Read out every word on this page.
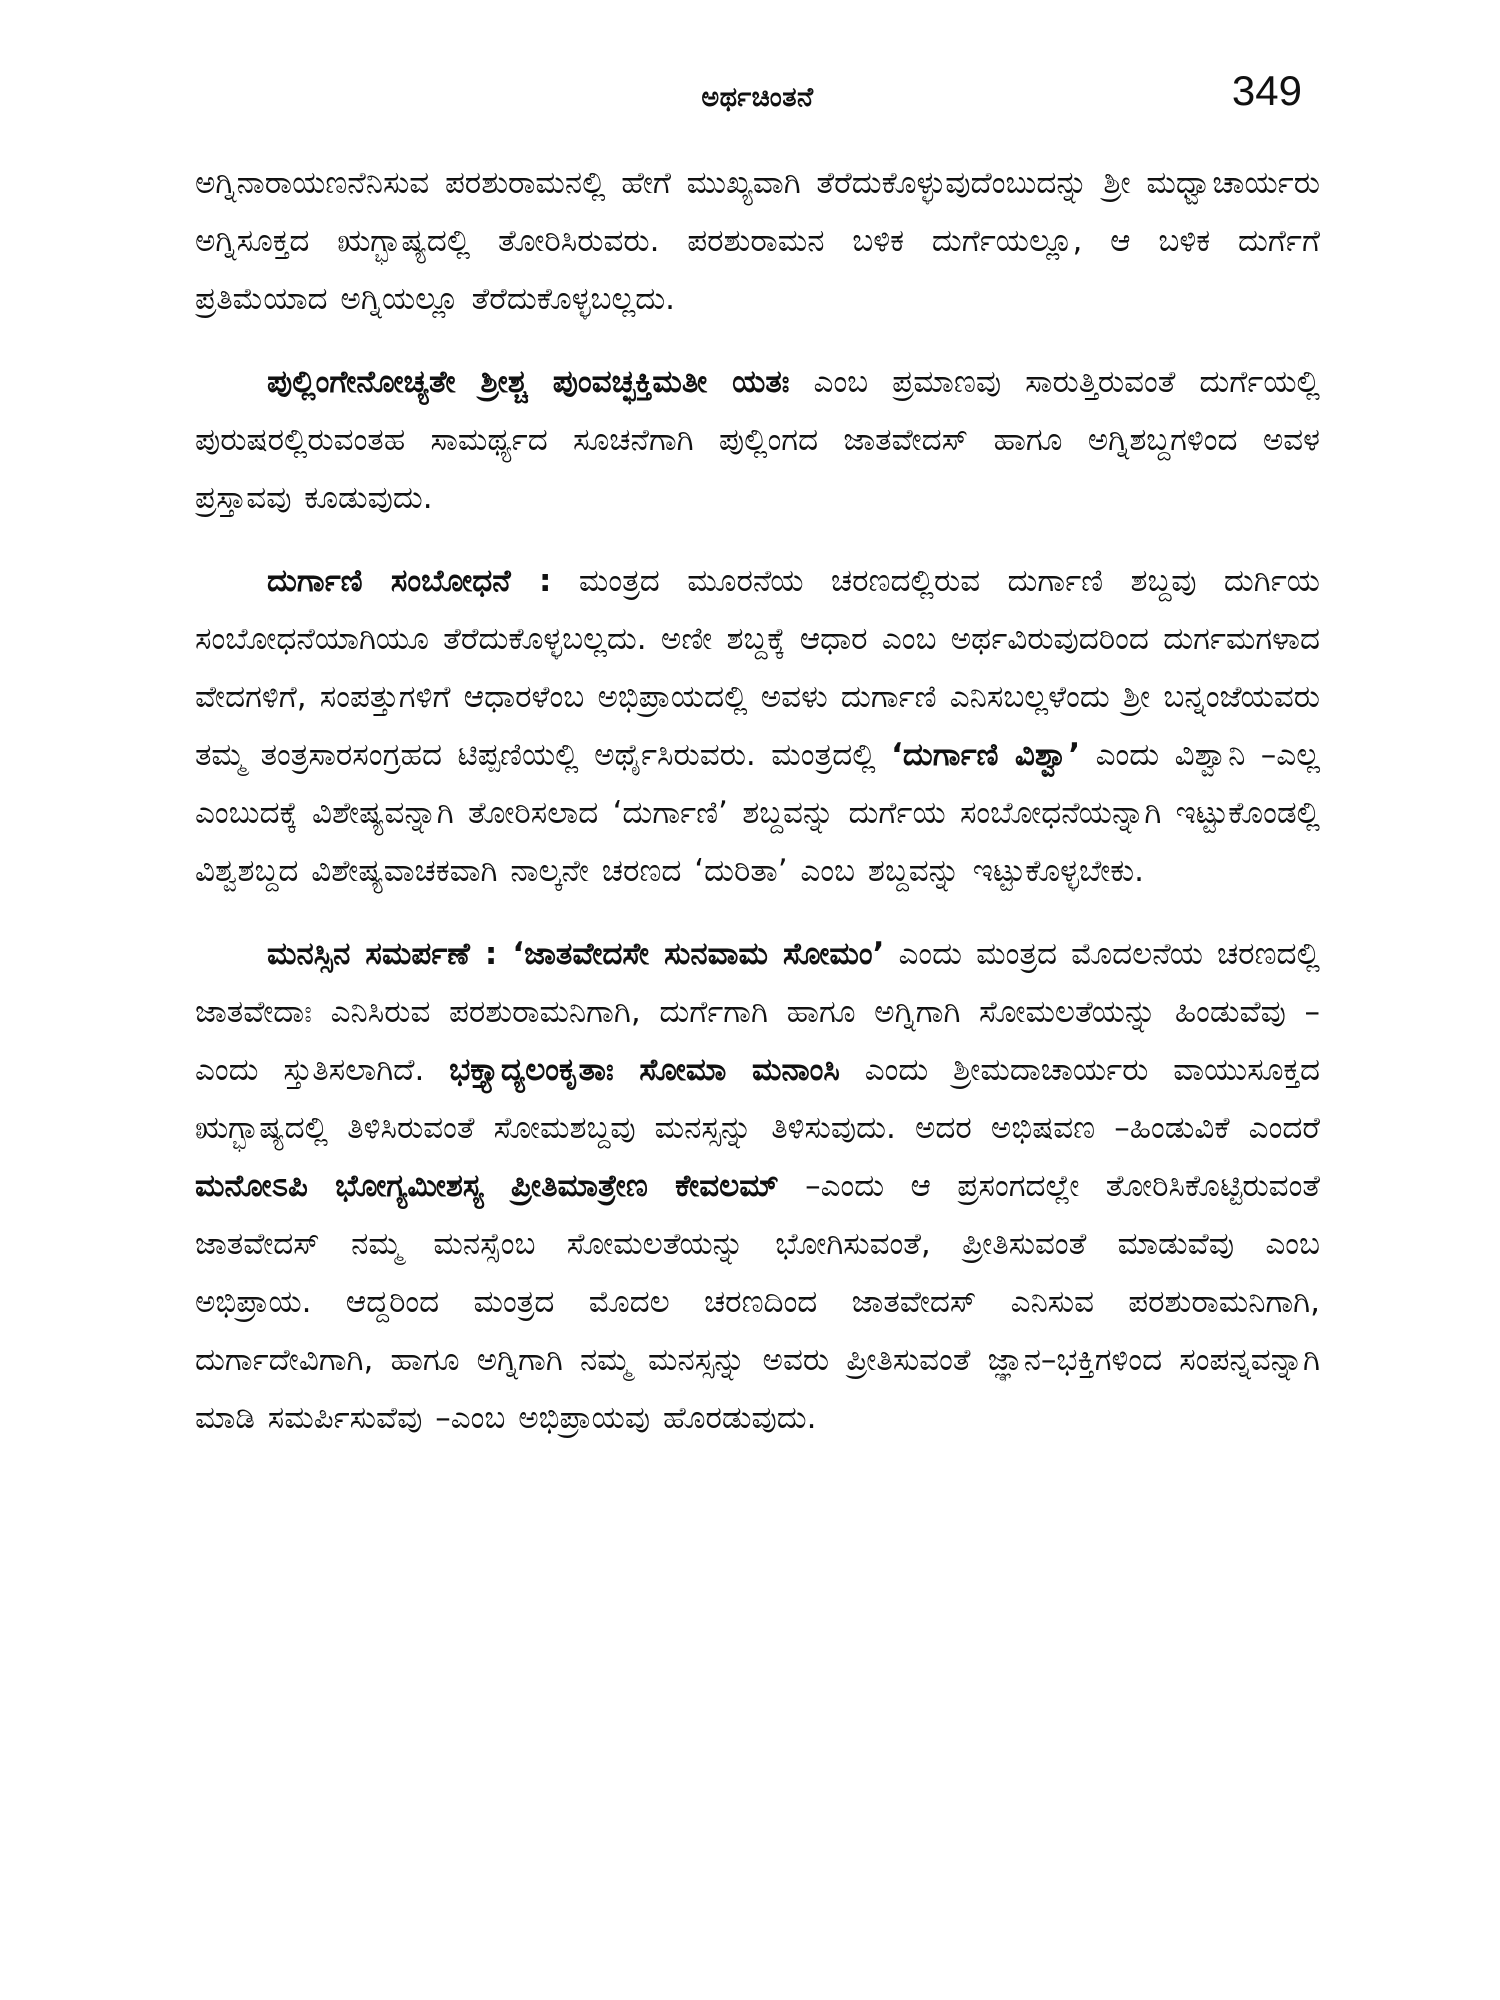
ಅರ್ಥಚಿಂತನೆ	349

ಅಗ್ನಿನಾರಾಯಣನೆನಿಸುವ ಪರಶುರಾಮನಲ್ಲಿ ಹೇಗೆ ಮುಖ್ಯವಾಗಿ ತೆರೆದುಕೊಳ್ಳುವುದೆಂಬುದನ್ನು ಶ್ರೀ ಮಧ್ವಾಚಾರ್ಯರು ಅಗ್ನಿಸೂಕ್ತದ ಋಗ್ಭಾಷ್ಯದಲ್ಲಿ ತೋರಿಸಿರುವರು. ಪರಶುರಾಮನ ಬಳಿಕ ದುರ್ಗೆಯಲ್ಲೂ, ಆ ಬಳಿಕ ದುರ್ಗೆಗೆ ಪ್ರತಿಮೆಯಾದ ಅಗ್ನಿಯಲ್ಲೂ ತೆರೆದುಕೊಳ್ಳಬಲ್ಲದು.

ಪುಲ್ಲಿಂಗೇನೋಚ್ಯತೇ ಶ್ರೀಶ್ಚ ಪುಂವಚ್ಛಕ್ತಿಮತೀ ಯತಃ ಎಂಬ ಪ್ರಮಾಣವು ಸಾರುತ್ತಿರುವಂತೆ ದುರ್ಗೆಯಲ್ಲಿ ಪುರುಷರಲ್ಲಿರುವಂತಹ ಸಾಮರ್ಥ್ಯದ ಸೂಚನೆಗಾಗಿ ಪುಲ್ಲಿಂಗದ ಜಾತವೇದಸ್ ಹಾಗೂ ಅಗ್ನಿಶಬ್ದಗಳಿಂದ ಅವಳ ಪ್ರಸ್ತಾವವು ಕೂಡುವುದು.

ದುರ್ಗಾಣಿ ಸಂಬೋಧನೆ : ಮಂತ್ರದ ಮೂರನೆಯ ಚರಣದಲ್ಲಿರುವ ದುರ್ಗಾಣಿ ಶಬ್ದವು ದುರ್ಗಿಯ ಸಂಬೋಧನೆಯಾಗಿಯೂ ತೆರೆದುಕೊಳ್ಳಬಲ್ಲದು. ಅಣೀ ಶಬ್ದಕ್ಕೆ ಆಧಾರ ಎಂಬ ಅರ್ಥವಿರುವುದರಿಂದ ದುರ್ಗಮಗಳಾದ ವೇದಗಳಿಗೆ, ಸಂಪತ್ತುಗಳಿಗೆ ಆಧಾರಳೆಂಬ ಅಭಿಪ್ರಾಯದಲ್ಲಿ ಅವಳು ದುರ್ಗಾಣಿ ಎನಿಸಬಲ್ಲಳೆಂದು ಶ್ರೀ ಬನ್ನಂಜೆಯವರು ತಮ್ಮ ತಂತ್ರಸಾರಸಂಗ್ರಹದ ಟಿಪ್ಪಣಿಯಲ್ಲಿ ಅರ್ಥೈಸಿರುವರು. ಮಂತ್ರದಲ್ಲಿ ‘ದುರ್ಗಾಣಿ ವಿಶ್ವಾ’ ಎಂದು ವಿಶ್ವಾನಿ –ಎಲ್ಲ ಎಂಬುದಕ್ಕೆ ವಿಶೇಷ್ಯವನ್ನಾಗಿ ತೋರಿಸಲಾದ ‘ದುರ್ಗಾಣಿ’ ಶಬ್ದವನ್ನು ದುರ್ಗೆಯ ಸಂಬೋಧನೆಯನ್ನಾಗಿ ಇಟ್ಟುಕೊಂಡಲ್ಲಿ ವಿಶ್ವಶಬ್ದದ ವಿಶೇಷ್ಯವಾಚಕವಾಗಿ ನಾಲ್ಕನೇ ಚರಣದ ‘ದುರಿತಾ’ ಎಂಬ ಶಬ್ದವನ್ನು ಇಟ್ಟುಕೊಳ್ಳಬೇಕು.

ಮನಸ್ಸಿನ ಸಮರ್ಪಣೆ : ‘ಜಾತವೇದಸೇ ಸುನವಾಮ ಸೋಮಂ’ ಎಂದು ಮಂತ್ರದ ಮೊದಲನೆಯ ಚರಣದಲ್ಲಿ ಜಾತವೇದಾಃ ಎನಿಸಿರುವ ಪರಶುರಾಮನಿಗಾಗಿ, ದುರ್ಗೆಗಾಗಿ ಹಾಗೂ ಅಗ್ನಿಗಾಗಿ ಸೋಮಲತೆಯನ್ನು ಹಿಂಡುವೆವು –ಎಂದು ಸ್ತುತಿಸಲಾಗಿದೆ. ಭಕ್ತ್ಯಾದ್ಯಲಂಕೃತಾಃ ಸೋಮಾ ಮನಾಂಸಿ ಎಂದು ಶ್ರೀಮದಾಚಾರ್ಯರು ವಾಯುಸೂಕ್ತದ ಋಗ್ಭಾಷ್ಯದಲ್ಲಿ ತಿಳಿಸಿರುವಂತೆ ಸೋಮಶಬ್ದವು ಮನಸ್ಸನ್ನು ತಿಳಿಸುವುದು. ಅದರ ಅಭಿಷವಣ –ಹಿಂಡುವಿಕೆ ಎಂದರೆ ಮನೋಽಪಿ ಭೋಗ್ಯಮೀಶಸ್ಯ ಪ್ರೀತಿಮಾತ್ರೇಣ ಕೇವಲಮ್ –ಎಂದು ಆ ಪ್ರಸಂಗದಲ್ಲೇ ತೋರಿಸಿಕೊಟ್ಟಿರುವಂತೆ ಜಾತವೇದಸ್ ನಮ್ಮ ಮನಸ್ಸೆಂಬ ಸೋಮಲತೆಯನ್ನು ಭೋಗಿಸುವಂತೆ, ಪ್ರೀತಿಸುವಂತೆ ಮಾಡುವೆವು ಎಂಬ ಅಭಿಪ್ರಾಯ. ಆದ್ದರಿಂದ ಮಂತ್ರದ ಮೊದಲ ಚರಣದಿಂದ ಜಾತವೇದಸ್ ಎನಿಸುವ ಪರಶುರಾಮನಿಗಾಗಿ, ದುರ್ಗಾದೇವಿಗಾಗಿ, ಹಾಗೂ ಅಗ್ನಿಗಾಗಿ ನಮ್ಮ ಮನಸ್ಸನ್ನು ಅವರು ಪ್ರೀತಿಸುವಂತೆ ಜ್ಞಾನ–ಭಕ್ತಿಗಳಿಂದ ಸಂಪನ್ನವನ್ನಾಗಿ ಮಾಡಿ ಸಮರ್ಪಿಸುವೆವು –ಎಂಬ ಅಭಿಪ್ರಾಯವು ಹೊರಡುವುದು.
